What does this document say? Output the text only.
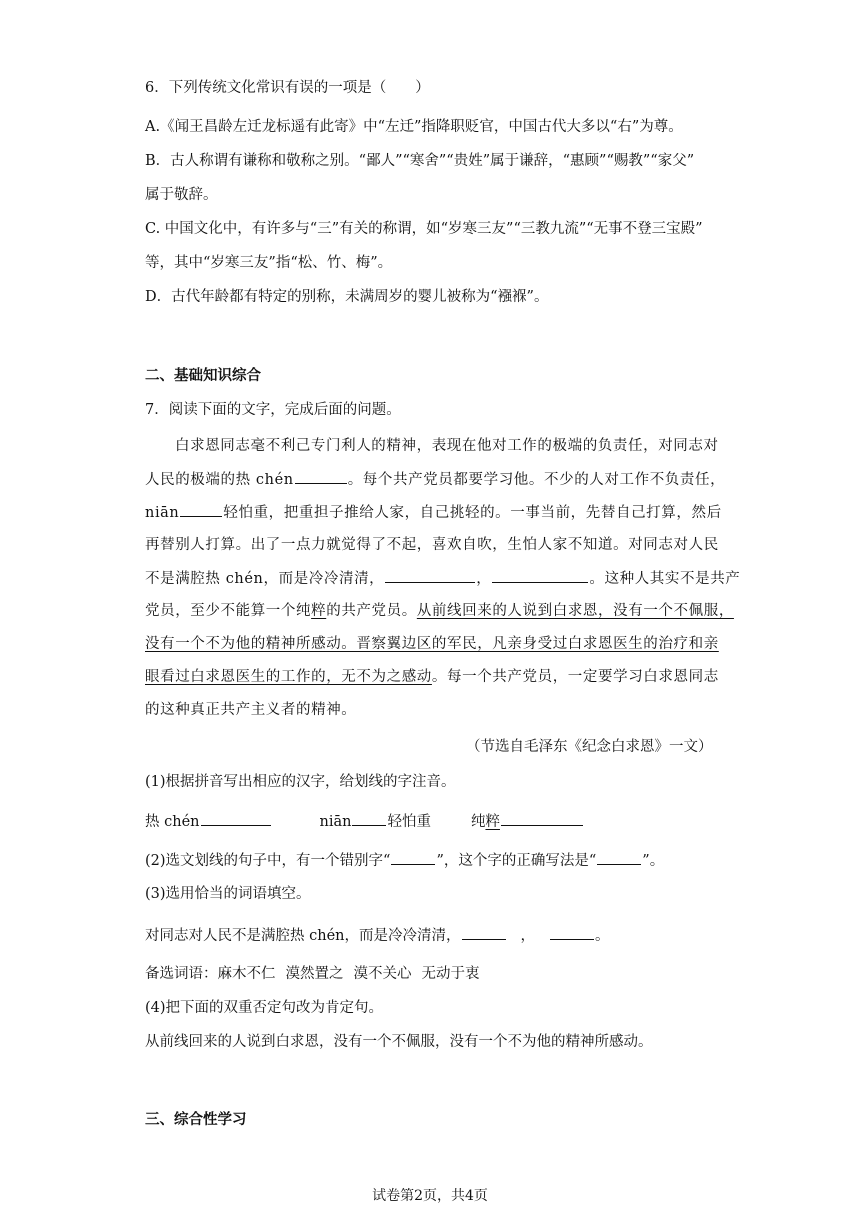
6．下列传统文化常识有误的一项是（　　）
A.《闻王昌龄左迁龙标遥有此寄》中“左迁”指降职贬官，中国古代大多以“右”为尊。
B．古人称谓有谦称和敬称之别。“鄙人”“寒舍”“贵姓”属于谦辞，“惠顾”“赐教”“家父”
属于敬辞。
C. 中国文化中，有许多与“三”有关的称谓，如“岁寒三友”“三教九流”“无事不登三宝殿”
等，其中“岁寒三友”指“松、竹、梅”。
D．古代年龄都有特定的别称，未满周岁的婴儿被称为“襁褓”。
二、基础知识综合
7．阅读下面的文字，完成后面的问题。
白求恩同志毫不利己专门利人的精神，表现在他对工作的极端的负责任，对同志对
人民的极端的热 chén	。每个共产党员都要学习他。不少的人对工作不负责任，
niān	轻怕重，把重担子推给人家，自己挑轻的。一事当前，先替自己打算，然后
再替别人打算。出了一点力就觉得了不起，喜欢自吹，生怕人家不知道。对同志对人民
不是满腔热 chén，而是冷冷清清，	，	。这种人其实不是共产
党员，至少不能算一个纯粹的共产党员。从前线回来的人说到白求恩，没有一个不佩服，
没有一个不为他的精神所感动。晋察翼边区的军民，凡亲身受过白求恩医生的治疗和亲
眼看过白求恩医生的工作的，无不为之感动。每一个共产党员，一定要学习白求恩同志
的这种真正共产主义者的精神。
（节选自毛泽东《纪念白求恩》一文）
(1)根据拼音写出相应的汉字，给划线的字注音。
热 chén	niān 轻怕重	纯粹
(2)选文划线的句子中，有一个错别字“	”，这个字的正确写法是“	”。
(3)选用恰当的词语填空。
对同志对人民不是满腔热 chén，而是冷冷清清，	，	。
备选词语：麻木不仁 漠然置之 漠不关心 无动于衷
(4)把下面的双重否定句改为肯定句。
从前线回来的人说到白求恩，没有一个不佩服，没有一个不为他的精神所感动。
三、综合性学习
试卷第2页，共4页
